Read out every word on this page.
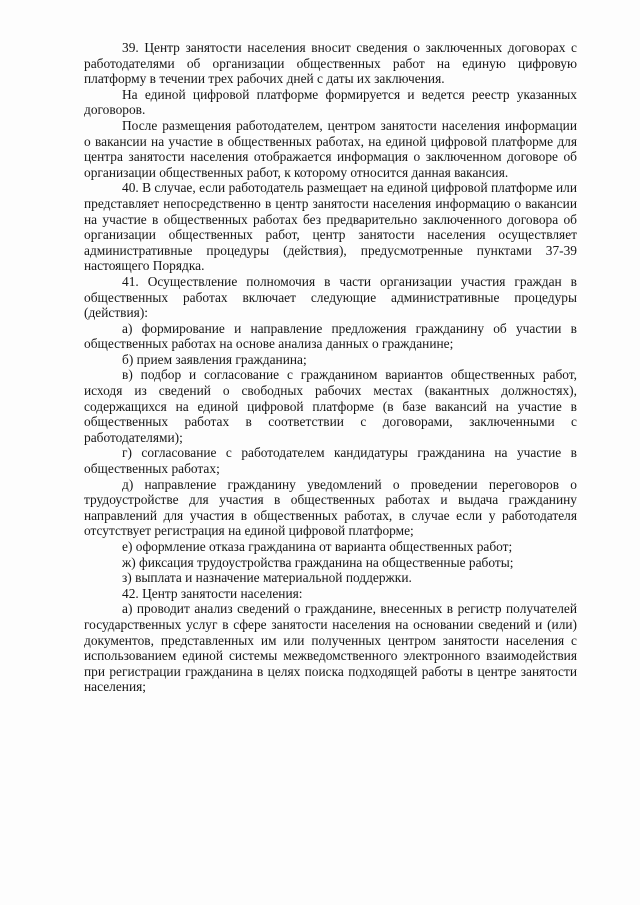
39. Центр занятости населения вносит сведения о заключенных договорах с работодателями об организации общественных работ на единую цифровую платформу в течении трех рабочих дней с даты их заключения.

На единой цифровой платформе формируется и ведется реестр указанных договоров.

После размещения работодателем, центром занятости населения информации о вакансии на участие в общественных работах, на единой цифровой платформе для центра занятости населения отображается информация о заключенном договоре об организации общественных работ, к которому относится данная вакансия.

40. В случае, если работодатель размещает на единой цифровой платформе или представляет непосредственно в центр занятости населения информацию о вакансии на участие в общественных работах без предварительно заключенного договора об организации общественных работ, центр занятости населения осуществляет административные процедуры (действия), предусмотренные пунктами 37-39 настоящего Порядка.

41. Осуществление полномочия в части организации участия граждан в общественных работах включает следующие административные процедуры (действия):

а) формирование и направление предложения гражданину об участии в общественных работах на основе анализа данных о гражданине;

б) прием заявления гражданина;

в) подбор и согласование с гражданином вариантов общественных работ, исходя из сведений о свободных рабочих местах (вакантных должностях), содержащихся на единой цифровой платформе (в базе вакансий на участие в общественных работах в соответствии с договорами, заключенными с работодателями);

г) согласование с работодателем кандидатуры гражданина на участие в общественных работах;

д) направление гражданину уведомлений о проведении переговоров о трудоустройстве для участия в общественных работах и выдача гражданину направлений для участия в общественных работах, в случае если у работодателя отсутствует регистрация на единой цифровой платформе;

е) оформление отказа гражданина от варианта общественных работ;

ж) фиксация трудоустройства гражданина на общественные работы;

з) выплата и назначение материальной поддержки.

42. Центр занятости населения:

а) проводит анализ сведений о гражданине, внесенных в регистр получателей государственных услуг в сфере занятости населения на основании сведений и (или) документов, представленных им или полученных центром занятости населения с использованием единой системы межведомственного электронного взаимодействия при регистрации гражданина в целях поиска подходящей работы в центре занятости населения;
